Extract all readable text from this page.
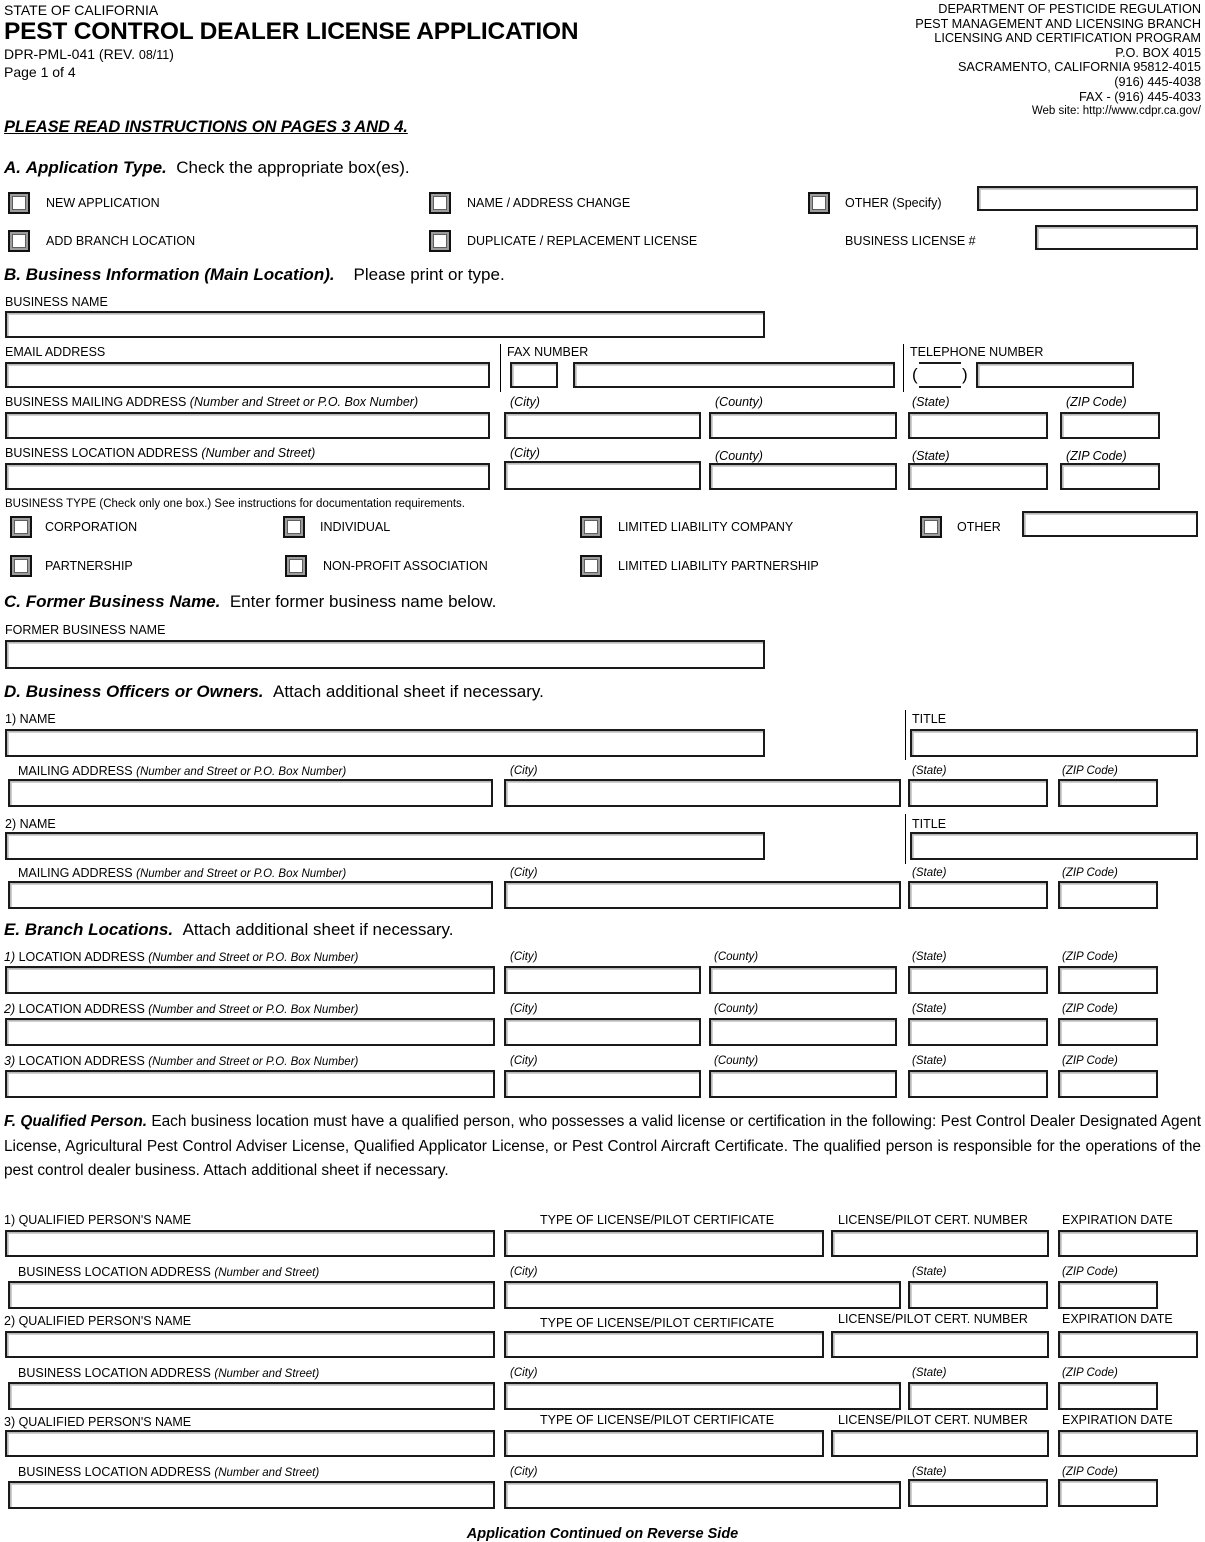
STATE OF CALIFORNIA
PEST CONTROL DEALER LICENSE APPLICATION
DPR-PML-041 (REV. 08/11)
Page 1 of 4
DEPARTMENT OF PESTICIDE REGULATION
PEST MANAGEMENT AND LICENSING BRANCH
LICENSING AND CERTIFICATION PROGRAM
P.O. BOX 4015
SACRAMENTO, CALIFORNIA 95812-4015
(916) 445-4038
FAX - (916) 445-4033
Web site: http://www.cdpr.ca.gov/
PLEASE READ INSTRUCTIONS ON PAGES 3 AND 4.
A. Application Type. Check the appropriate box(es).
NEW APPLICATION	NAME / ADDRESS CHANGE	OTHER (Specify)
ADD BRANCH LOCATION	DUPLICATE / REPLACEMENT LICENSE	BUSINESS LICENSE #
B. Business Information (Main Location). Please print or type.
BUSINESS NAME
EMAIL ADDRESS	FAX NUMBER	TELEPHONE NUMBER
(	)
BUSINESS MAILING ADDRESS (Number and Street or P.O. Box Number)	(City)	(County)	(State)	(ZIP Code)
BUSINESS LOCATION ADDRESS (Number and Street)	(City)	(County)	(State)	(ZIP Code)
BUSINESS TYPE (Check only one box.) See instructions for documentation requirements.
CORPORATION	INDIVIDUAL	LIMITED LIABILITY COMPANY	OTHER
PARTNERSHIP	NON-PROFIT ASSOCIATION	LIMITED LIABILITY PARTNERSHIP
C. Former Business Name. Enter former business name below.
FORMER BUSINESS NAME
D. Business Officers or Owners. Attach additional sheet if necessary.
1) NAME	TITLE
MAILING ADDRESS (Number and Street or P.O. Box Number)	(City)	(State)	(ZIP Code)
2) NAME	TITLE
MAILING ADDRESS (Number and Street or P.O. Box Number)	(City)	(State)	(ZIP Code)
E. Branch Locations. Attach additional sheet if necessary.
1) LOCATION ADDRESS (Number and Street or P.O. Box Number)	(City)	(County)	(State)	(ZIP Code)
2) LOCATION ADDRESS (Number and Street or P.O. Box Number)	(City)	(County)	(State)	(ZIP Code)
3) LOCATION ADDRESS (Number and Street or P.O. Box Number)	(City)	(County)	(State)	(ZIP Code)
F. Qualified Person. Each business location must have a qualified person, who possesses a valid license or certification in the following: Pest Control Dealer Designated Agent License, Agricultural Pest Control Adviser License, Qualified Applicator License, or Pest Control Aircraft Certificate. The qualified person is responsible for the operations of the pest control dealer business. Attach additional sheet if necessary.
1) QUALIFIED PERSON'S NAME	TYPE OF LICENSE/PILOT CERTIFICATE	LICENSE/PILOT CERT. NUMBER	EXPIRATION DATE
BUSINESS LOCATION ADDRESS (Number and Street)	(City)	(State)	(ZIP Code)
2) QUALIFIED PERSON'S NAME	TYPE OF LICENSE/PILOT CERTIFICATE	LICENSE/PILOT CERT. NUMBER	EXPIRATION DATE
BUSINESS LOCATION ADDRESS (Number and Street)	(City)	(State)	(ZIP Code)
3) QUALIFIED PERSON'S NAME	TYPE OF LICENSE/PILOT CERTIFICATE	LICENSE/PILOT CERT. NUMBER	EXPIRATION DATE
BUSINESS LOCATION ADDRESS (Number and Street)	(City)	(State)	(ZIP Code)
Application Continued on Reverse Side
